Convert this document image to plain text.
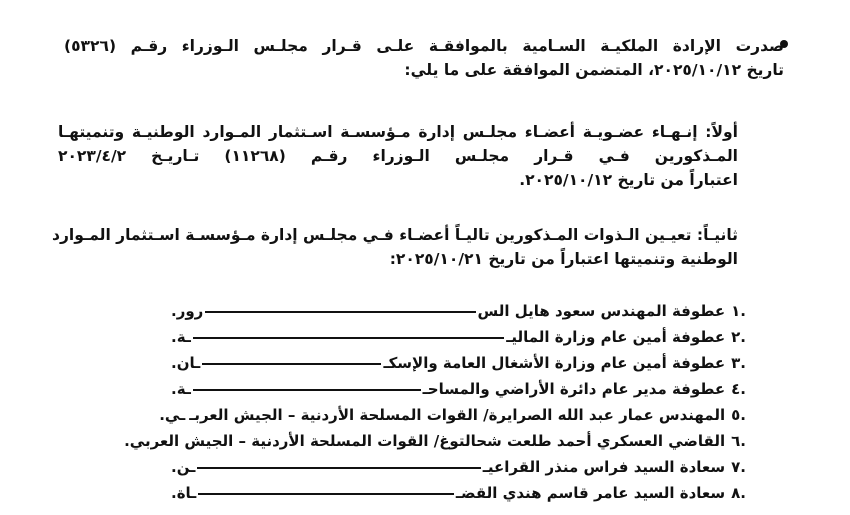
صدرت الإرادة الملكيـة السـامية بالموافقـة علـى قـرار مجلـس الـوزراء رقـم (٥٣٢٦)
تاريخ ٢٠٢٥/١٠/١٢، المتضمن الموافقة على ما يلي:
أولاً: إنـهـاء عضـويـة أعضـاء مجلـس إدارة مـؤسسـة اسـتثمار المـوارد الوطنيـة وتنميتهـا
المـذكورين فـي قـرار مجلـس الـوزراء رقـم (١١٢٦٨) تـاريـخ ٢٠٢٣/٤/٢
اعتباراً من تاريخ ٢٠٢٥/١٠/١٢.
ثانيـاً: تعيـين الـذوات المـذكورين تاليـاً أعضـاء فـي مجلـس إدارة مـؤسسـة اسـتثمار المـوارد
الوطنية وتنميتها اعتباراً من تاريخ ٢٠٢٥/١٠/٢١:
.١عطوفة المهندس سعود هايل الس
رور.
.٢عطوفة أمين عام وزارة الماليـ
ـة.
.٣عطوفة أمين عام وزارة الأشغال العامة والإسكـ
ـان.
.٤عطوفة مدير عام دائرة الأراضي والمساحـ
ـة.
.٥المهندس عمار عبد الله الصرايرة/ القوات المسلحة الأردنية – الجيش العربـ
ـي.
.٦القاضي العسكري أحمد طلعت شحالتوغ/ القوات المسلحة الأردنية – الجيش العربي.
.٧سعادة السيد فراس منذر القراعيـ
ـن.
.٨سعادة السيد عامر قاسم هندي القضـ
ـاة.
